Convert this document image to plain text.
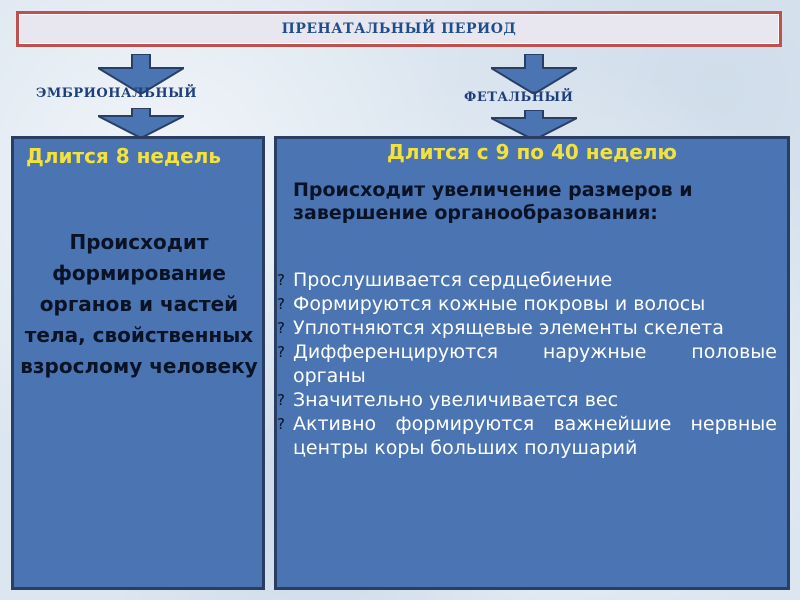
ПРЕНАТАЛЬНЫЙ ПЕРИОД
ЭМБРИОНАЛЬНЫЙ	ФЕТАЛЬНЫЙ
Длится 8 недель
Происходит формирование органов и частей тела, свойственных взрослому человеку
Длится с 9 по 40 неделю
Происходит увеличение размеров и завершение органообразования:
? Прослушивается сердцебиение
? Формируются кожные покровы и волосы
? Уплотняются хрящевые элементы скелета
? Дифференцируются наружные половые органы
? Значительно увеличивается вес
? Активно формируются важнейшие нервные центры коры больших полушарий
